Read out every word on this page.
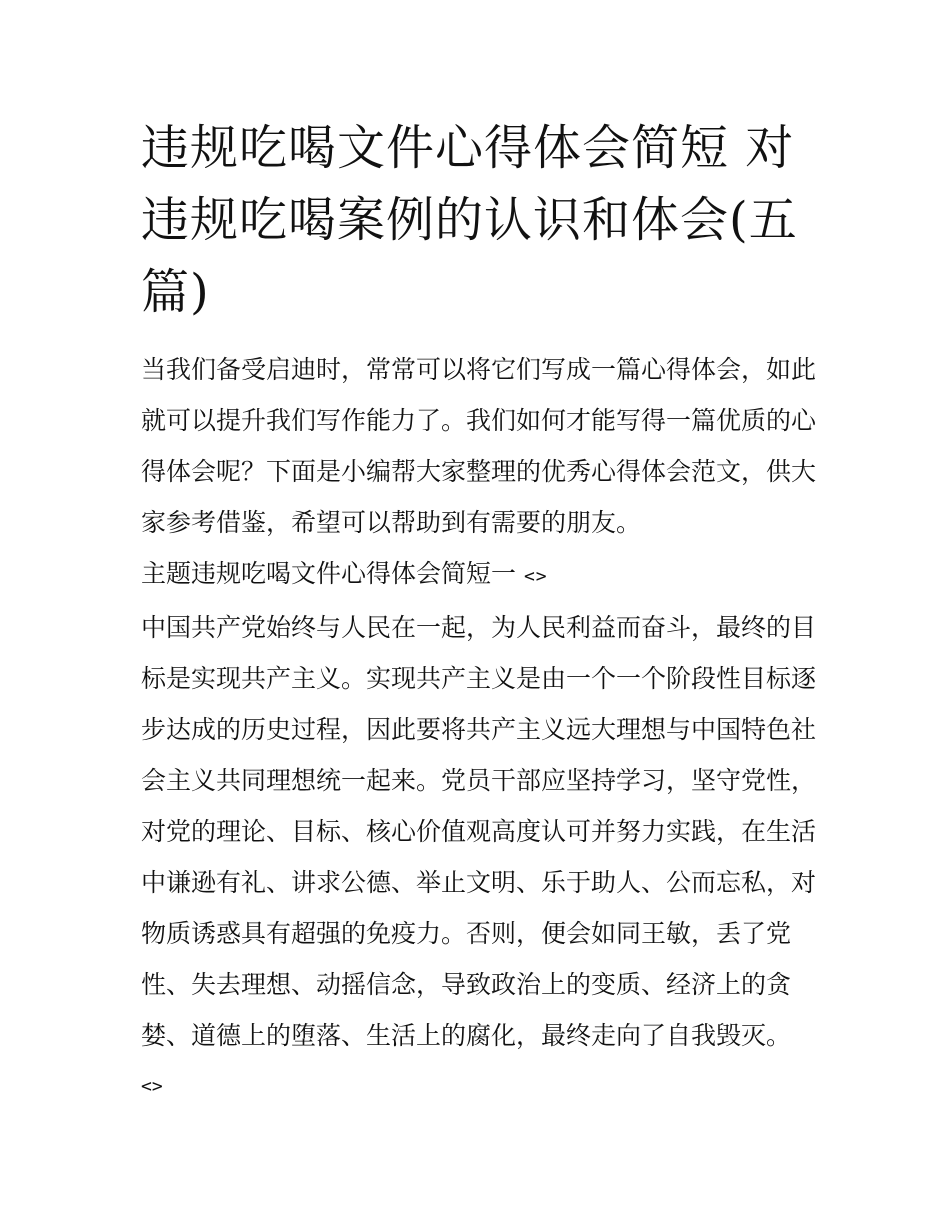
违规吃喝文件心得体会简短 对违规吃喝案例的认识和体会(五篇)

当我们备受启迪时，常常可以将它们写成一篇心得体会，如此就可以提升我们写作能力了。我们如何才能写得一篇优质的心得体会呢？下面是小编帮大家整理的优秀心得体会范文，供大家参考借鉴，希望可以帮助到有需要的朋友。

主题违规吃喝文件心得体会简短一 <>

中国共产党始终与人民在一起，为人民利益而奋斗，最终的目标是实现共产主义。实现共产主义是由一个一个阶段性目标逐步达成的历史过程，因此要将共产主义远大理想与中国特色社会主义共同理想统一起来。党员干部应坚持学习，坚守党性，对党的理论、目标、核心价值观高度认可并努力实践，在生活中谦逊有礼、讲求公德、举止文明、乐于助人、公而忘私，对物质诱惑具有超强的免疫力。否则，便会如同王敏，丢了党性、失去理想、动摇信念，导致政治上的变质、经济上的贪婪、道德上的堕落、生活上的腐化，最终走向了自我毁灭。

<>
